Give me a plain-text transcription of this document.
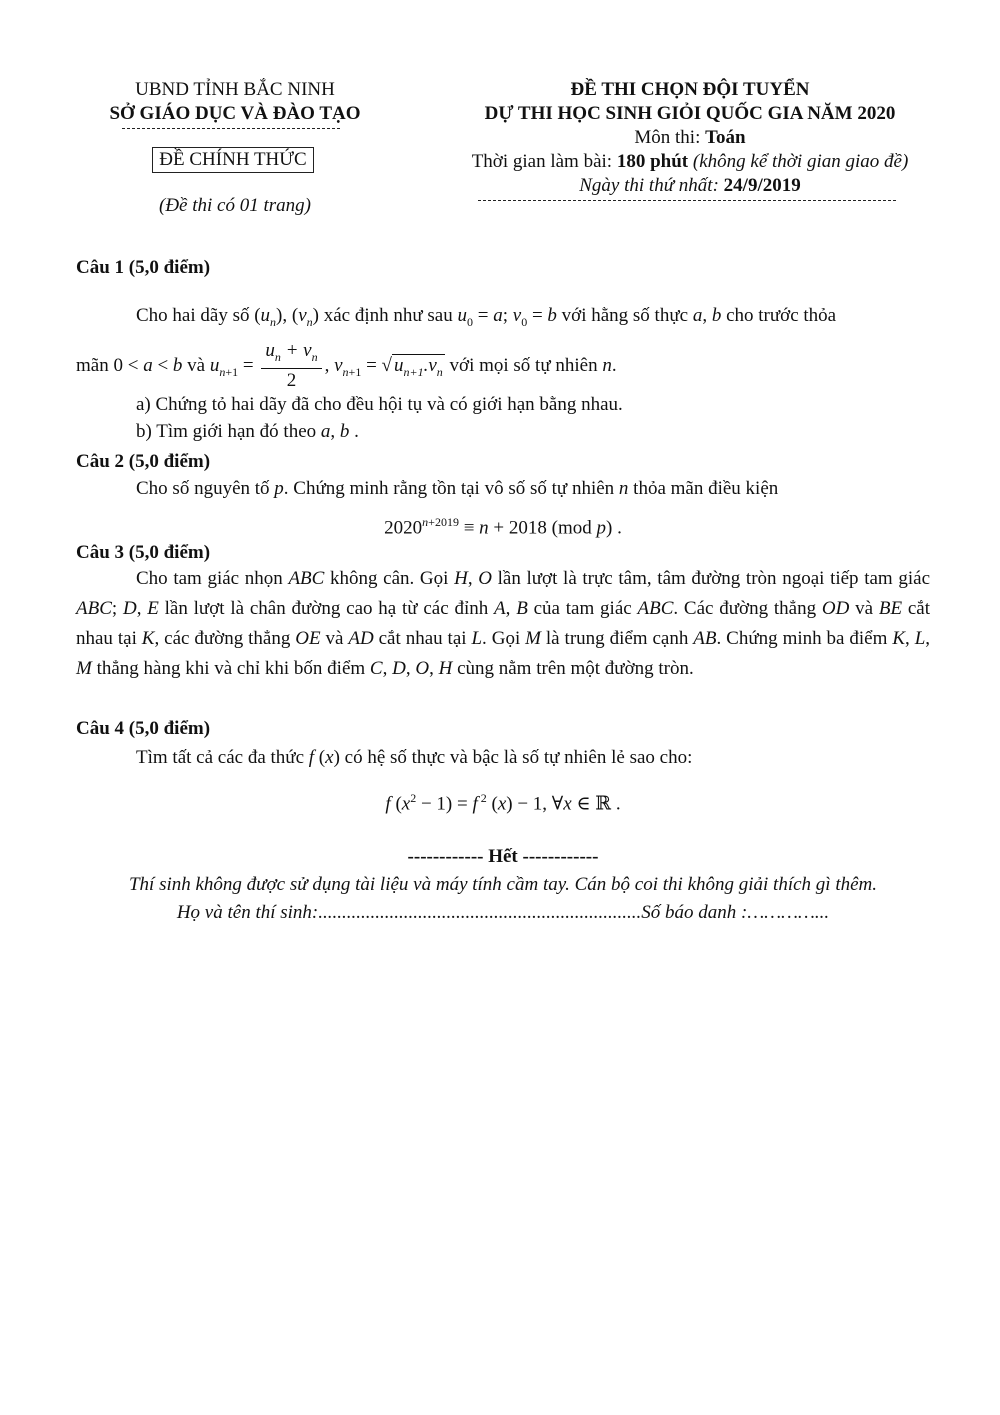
UBND TỈNH BẮC NINH
SỞ GIÁO DỤC VÀ ĐÀO TẠO
ĐỀ CHÍNH THỨC
(Đề thi có 01 trang)
ĐỀ THI CHỌN ĐỘI TUYỂN
DỰ THI HỌC SINH GIỎI QUỐC GIA NĂM 2020
Môn thi: Toán
Thời gian làm bài: 180 phút (không kể thời gian giao đề)
Ngày thi thứ nhất: 24/9/2019
Câu 1 (5,0 điểm)
Cho hai dãy số $(u_n)$, $(v_n)$ xác định như sau $u_0 = a$; $v_0 = b$ với hằng số thực a, b cho trước thỏa
mãn 0 < a < b và $u_{n+1} = \frac{u_n + v_n}{2}$ , $v_{n+1}$ = √ $u_{n+1}.v_n$ với mọi số tự nhiên n.
a) Chứng tỏ hai dãy đã cho đều hội tụ và có giới hạn bằng nhau.
b) Tìm giới hạn đó theo a, b .
Câu 2 (5,0 điểm)
Cho số nguyên tố p. Chứng minh rằng tồn tại vô số số tự nhiên n thỏa mãn điều kiện
$2020^{n+2019} \equiv n + 2018$ (mod p) .
Câu 3 (5,0 điểm)
Cho tam giác nhọn ABC không cân. Gọi H, O lần lượt là trực tâm, tâm đường tròn ngoại tiếp tam giác ABC; D, E lần lượt là chân đường cao hạ từ các đỉnh A, B của tam giác ABC. Các đường thẳng OD và BE cắt nhau tại K, các đường thẳng OE và AD cắt nhau tại L. Gọi M là trung điểm cạnh AB. Chứng minh ba điểm K, L, M thẳng hàng khi và chỉ khi bốn điểm C, D, O, H cùng nằm trên một đường tròn.
Câu 4 (5,0 điểm)
Tìm tất cả các đa thức f (x) có hệ số thực và bậc là số tự nhiên lẻ sao cho:
f $(x^2 - 1) = f$ $^2$ (x) − 1, ∀x ∈ ℝ .
------------ Hết ------------
Thí sinh không được sử dụng tài liệu và máy tính cầm tay. Cán bộ coi thi không giải thích gì thêm.
Họ và tên thí sinh:....................................................................Số báo danh :…………...
